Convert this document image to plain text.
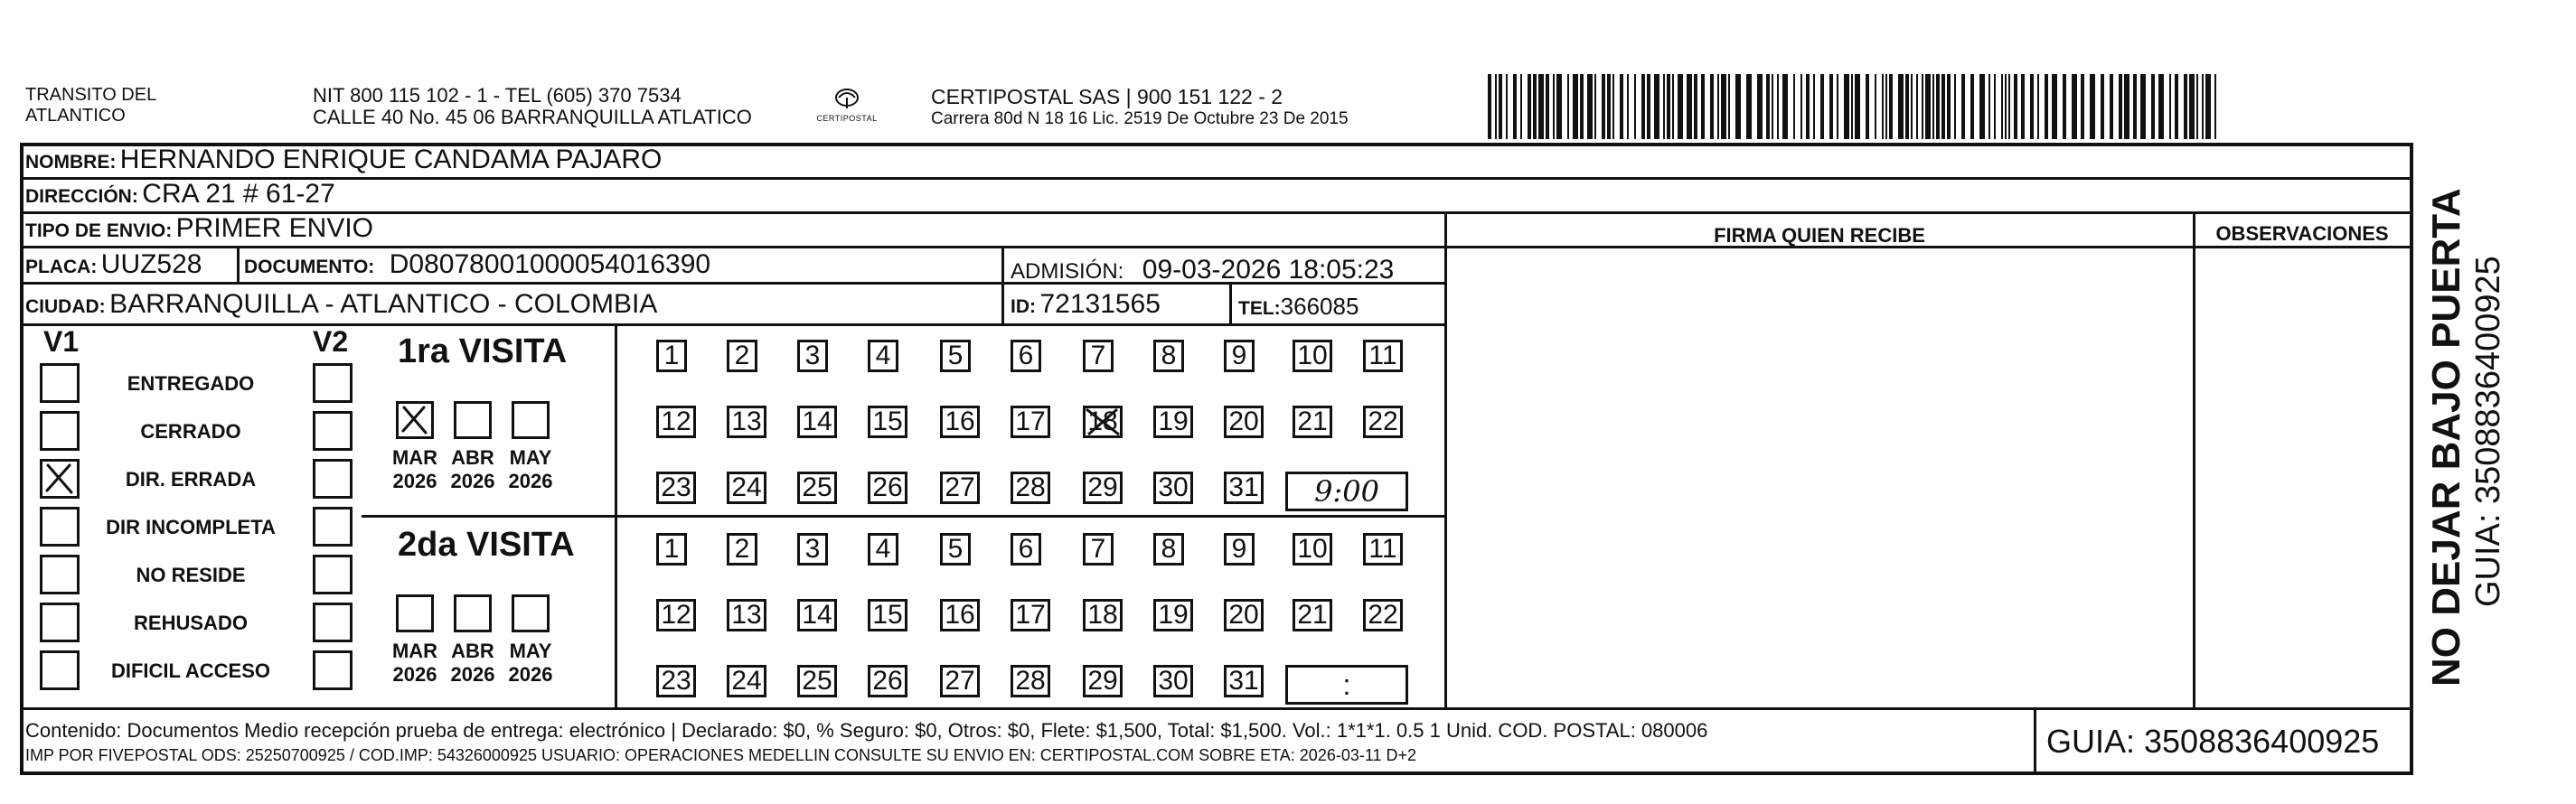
TRANSITO DEL
ATLANTICO
NIT 800 115 102 - 1 - TEL (605) 370 7534
CALLE 40 No. 45 06 BARRANQUILLA ATLATICO	CERTIPOSTAL
CERTIPOSTAL SAS | 900 151 122 - 2
Carrera 80d N 18 16 Lic. 2519 De Octubre 23 De 2015
NOMBRE: HERNANDO ENRIQUE CANDAMA PAJARO
DIRECCIÓN: CRA 21 # 61-27
TIPO DE ENVIO: PRIMER ENVIO
PLACA: UUZ528 DOCUMENTO: D08078001000054016390	ADMISIÓN: 09-03-2026 18:05:23
CIUDAD: BARRANQUILLA - ATLANTICO - COLOMBIA	ID: 72131565	TEL:366085
FIRMA QUIEN RECIBE	OBSERVACIONES
V1	V2
ENTREGADO
CERRADO
DIR. ERRADA
DIR INCOMPLETA
NO RESIDE
REHUSADO
DIFICIL ACCESO
1ra VISITA
MAR
2026
ABR
2026
MAY
2026
1 2 3 4 5 6 7 8 9 10 11
12 13 14 15 16 17 18 19 20 21 22
23 24 25 26 27 28 29 30 31	9:00
2da VISITA
MAR
2026
ABR
2026
MAY
2026
1 2 3 4 5 6 7 8 9 10 11
12 13 14 15 16 17 18 19 20 21 22
23 24 25 26 27 28 29 30 31	:
Contenido: Documentos Medio recepción prueba de entrega: electrónico | Declarado: $0, % Seguro: $0, Otros: $0, Flete: $1,500, Total: $1,500. Vol.: 1*1*1. 0.5 1 Unid. COD. POSTAL: 080006
IMP POR FIVEPOSTAL ODS: 25250700925 / COD.IMP: 54326000925 USUARIO: OPERACIONES MEDELLIN CONSULTE SU ENVIO EN: CERTIPOSTAL.COM SOBRE ETA: 2026-03-11 D+2	GUIA: 3508836400925
NO DEJAR BAJO PUERTA GUIA: 3508836400925
